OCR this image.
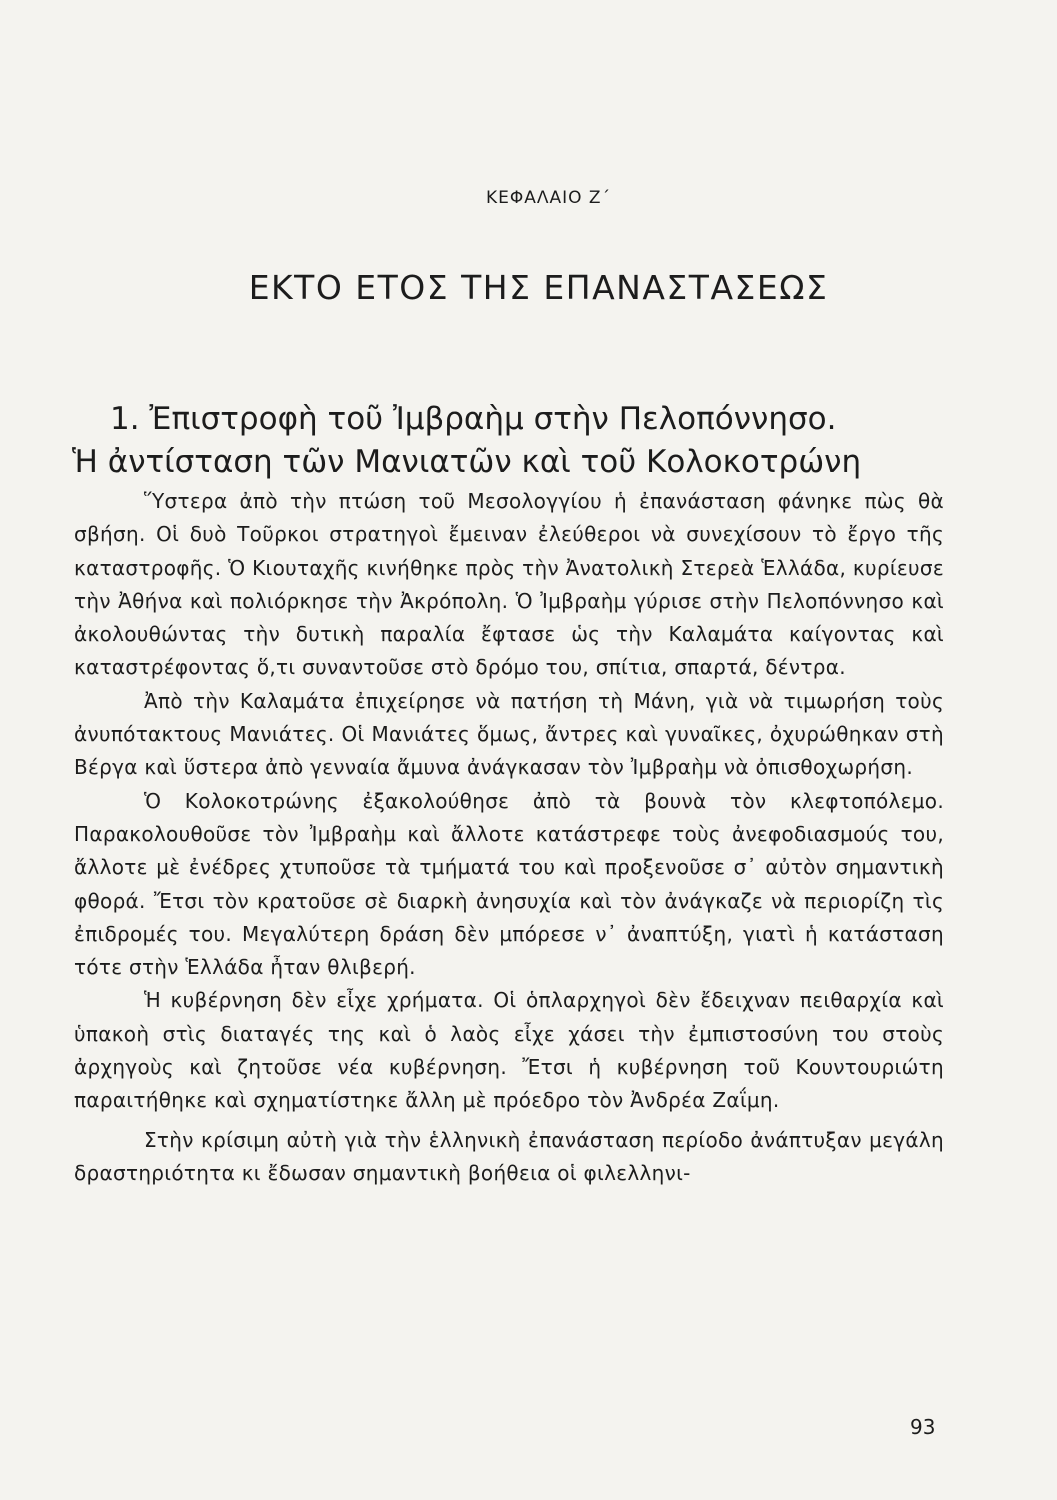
ΚΕΦΑΛΑΙΟ Ζ΄
ΕΚΤΟ ΕΤΟΣ ΤΗΣ ΕΠΑΝΑΣΤΑΣΕΩΣ
1. Ἐπιστροφὴ τοῦ Ἰμβραὴμ στὴν Πελοπόννησο.
Ἡ ἀντίσταση τῶν Μανιατῶν καὶ τοῦ Κολοκοτρώνη

Ὕστερα ἀπὸ τὴν πτώση τοῦ Μεσολογγίου ἡ ἐπανάσταση φάνηκε πὼς θὰ σβήση. Οἱ δυὸ Τοῦρκοι στρατηγοὶ ἔμειναν ἐλεύθεροι νὰ συνεχίσουν τὸ ἔργο τῆς καταστροφῆς. Ὁ Κιουταχῆς κινήθηκε πρὸς τὴν Ἀνατολικὴ Στερεὰ Ἑλλάδα, κυρίευσε τὴν Ἀθήνα καὶ πολιόρκησε τὴν Ἀκρόπολη. Ὁ Ἰμβραὴμ γύρισε στὴν Πελοπόννησο καὶ ἀκολουθώντας τὴν δυτικὴ παραλία ἔφτασε ὡς τὴν Καλαμάτα καίγοντας καὶ καταστρέφοντας ὅ,τι συναντοῦσε στὸ δρόμο του, σπίτια, σπαρτά, δέντρα.

Ἀπὸ τὴν Καλαμάτα ἐπιχείρησε νὰ πατήση τὴ Μάνη, γιὰ νὰ τιμωρήση τοὺς ἀνυπότακτους Μανιάτες. Οἱ Μανιάτες ὅμως, ἄντρες καὶ γυναῖκες, ὀχυρώθηκαν στὴ Βέργα καὶ ὕστερα ἀπὸ γενναία ἄμυνα ἀνάγκασαν τὸν Ἰμβραὴμ νὰ ὀπισθοχωρήση.

Ὁ Κολοκοτρώνης ἐξακολούθησε ἀπὸ τὰ βουνὰ τὸν κλεφτοπόλεμο. Παρακολουθοῦσε τὸν Ἰμβραὴμ καὶ ἄλλοτε κατάστρεφε τοὺς ἀνεφοδιασμούς του, ἄλλοτε μὲ ἐνέδρες χτυποῦσε τὰ τμήματά του καὶ προξενοῦσε σ᾽ αὐτὸν σημαντικὴ φθορά. Ἔτσι τὸν κρατοῦσε σὲ διαρκὴ ἀνησυχία καὶ τὸν ἀνάγκαζε νὰ περιορίζη τὶς ἐπιδρομές του. Μεγαλύτερη δράση δὲν μπόρεσε ν᾽ ἀναπτύξη, γιατὶ ἡ κατάσταση τότε στὴν Ἑλλάδα ἦταν θλιβερή.

Ἡ κυβέρνηση δὲν εἶχε χρήματα. Οἱ ὁπλαρχηγοὶ δὲν ἔδειχναν πειθαρχία καὶ ὑπακοὴ στὶς διαταγές της καὶ ὁ λαὸς εἶχε χάσει τὴν ἐμπιστοσύνη του στοὺς ἀρχηγοὺς καὶ ζητοῦσε νέα κυβέρνηση. Ἔτσι ἡ κυβέρνηση τοῦ Κουντουριώτη παραιτήθηκε καὶ σχηματίστηκε ἄλλη μὲ πρόεδρο τὸν Ἀνδρέα Ζαΐμη.

Στὴν κρίσιμη αὐτὴ γιὰ τὴν ἑλληνικὴ ἐπανάσταση περίοδο ἀνάπτυξαν μεγάλη δραστηριότητα κι ἔδωσαν σημαντικὴ βοήθεια οἱ φιλελληνι-

93
